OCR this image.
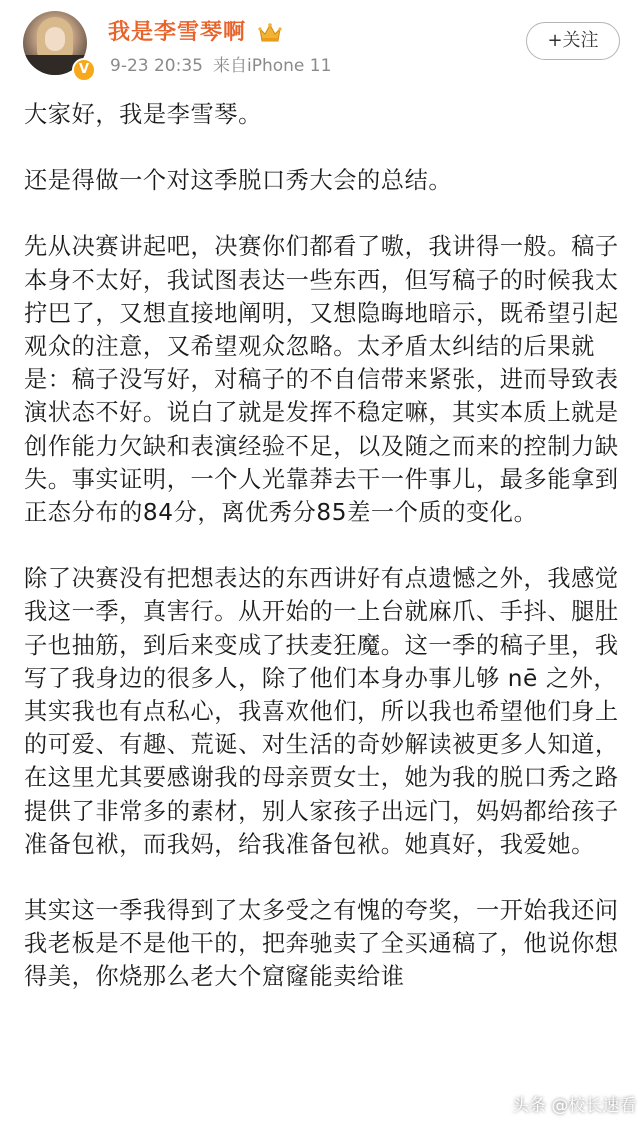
V
我是李雪琴啊
9-23 20:35 来自iPhone 11
+关注

大家好，我是李雪琴。

还是得做一个对这季脱口秀大会的总结。

先从决赛讲起吧，决赛你们都看了嗷，我讲得一般。稿子本身不太好，我试图表达一些东西，但写稿子的时候我太拧巴了，又想直接地阐明，又想隐晦地暗示，既希望引起观众的注意，又希望观众忽略。太矛盾太纠结的后果就是：稿子没写好，对稿子的不自信带来紧张，进而导致表演状态不好。说白了就是发挥不稳定嘛，其实本质上就是创作能力欠缺和表演经验不足，以及随之而来的控制力缺失。事实证明，一个人光靠莽去干一件事儿，最多能拿到正态分布的84分，离优秀分85差一个质的变化。

除了决赛没有把想表达的东西讲好有点遗憾之外，我感觉我这一季，真害行。从开始的一上台就麻爪、手抖、腿肚子也抽筋，到后来变成了扶麦狂魔。这一季的稿子里，我写了我身边的很多人，除了他们本身办事儿够 nē 之外，其实我也有点私心，我喜欢他们，所以我也希望他们身上的可爱、有趣、荒诞、对生活的奇妙解读被更多人知道，在这里尤其要感谢我的母亲贾女士，她为我的脱口秀之路提供了非常多的素材，别人家孩子出远门，妈妈都给孩子准备包袱，而我妈，给我准备包袱。她真好，我爱她。

其实这一季我得到了太多受之有愧的夸奖，一开始我还问我老板是不是他干的，把奔驰卖了全买通稿了，他说你想得美，你烧那么老大个窟窿能卖给谁

头条 @校长速看
